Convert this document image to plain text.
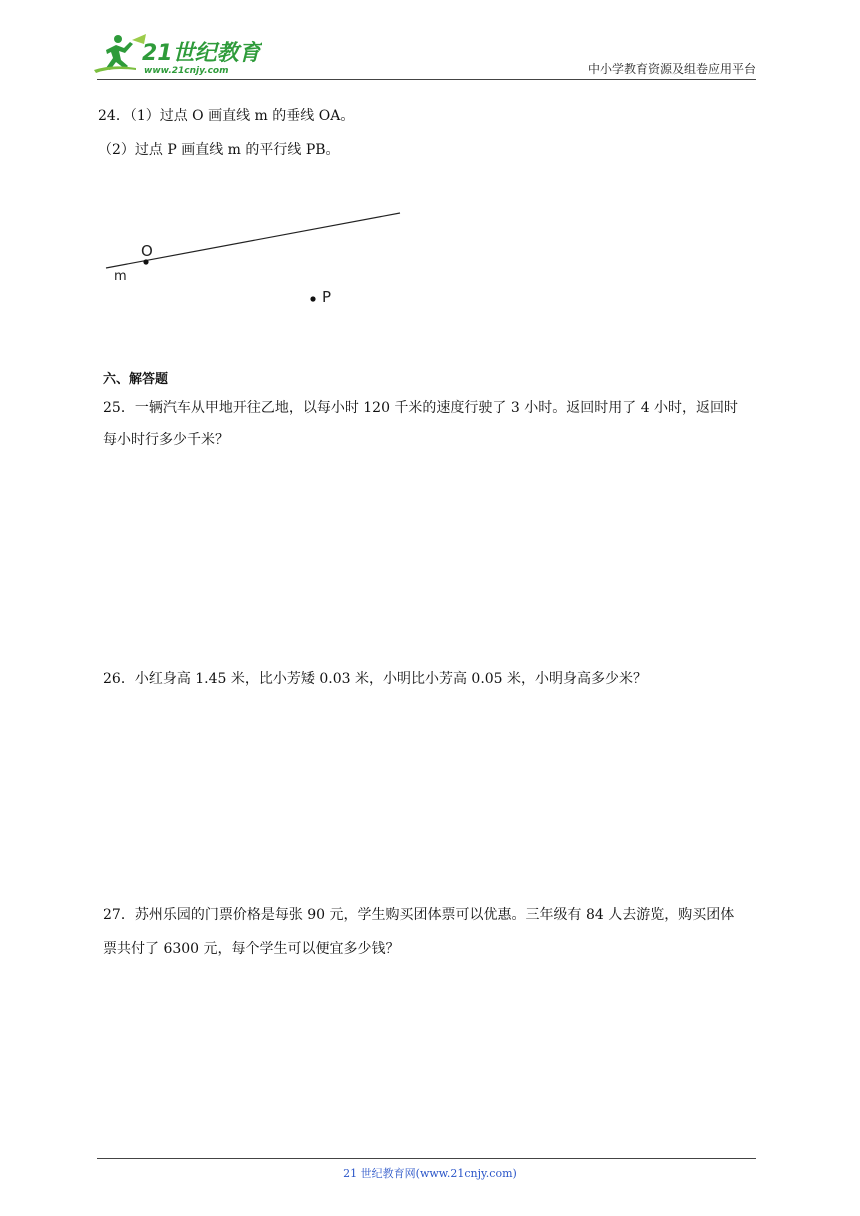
21世纪教育
www.21cnjy.com	中小学教育资源及组卷应用平台
24．（1）过点 O 画直线 m 的垂线 OA。
（2）过点 P 画直线 m 的平行线 PB。
O
m
P
六、解答题
25．一辆汽车从甲地开往乙地，以每小时 120 千米的速度行驶了 3 小时。返回时用了 4 小时，返回时
每小时行多少千米？
26．小红身高 1.45 米，比小芳矮 0.03 米，小明比小芳高 0.05 米，小明身高多少米？
27．苏州乐园的门票价格是每张 90 元，学生购买团体票可以优惠。三年级有 84 人去游览，购买团体
票共付了 6300 元，每个学生可以便宜多少钱？
21 世纪教育网(www.21cnjy.com)
